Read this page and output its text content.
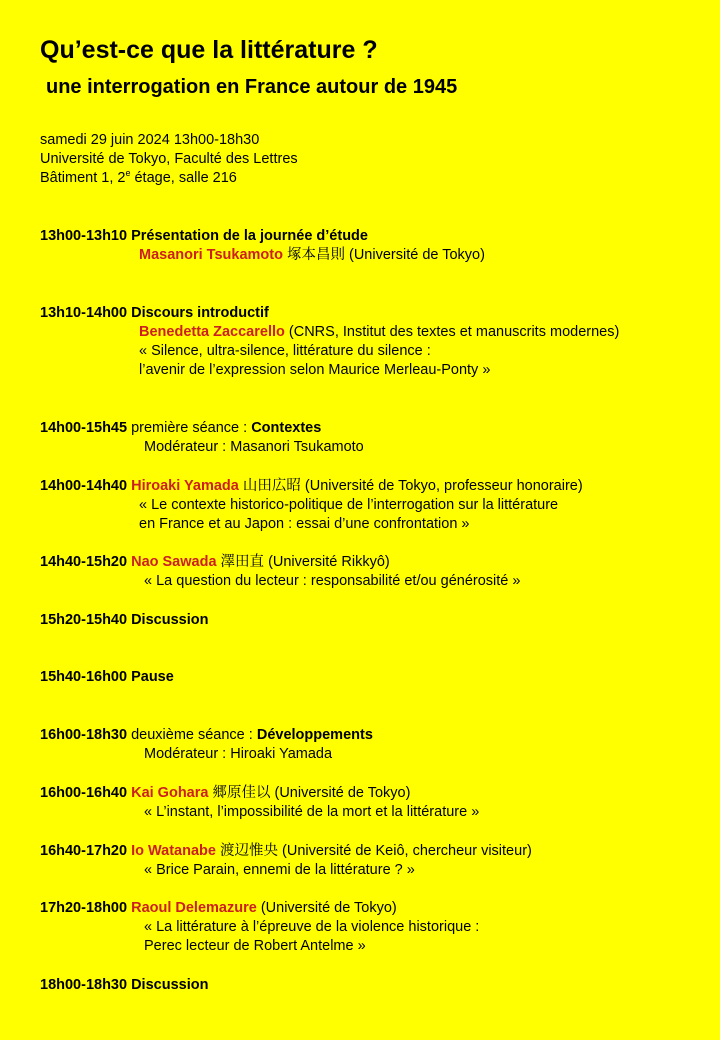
Qu’est-ce que la littérature ?
une interrogation en France autour de 1945
samedi 29 juin 2024 13h00-18h30
Université de Tokyo, Faculté des Lettres
Bâtiment 1, 2e étage, salle 216
13h00-13h10 Présentation de la journée d’étude
Masanori Tsukamoto 塚本昌則 (Université de Tokyo)
13h10-14h00 Discours introductif
Benedetta Zaccarello (CNRS, Institut des textes et manuscrits modernes)
« Silence, ultra-silence, littérature du silence :
l’avenir de l’expression selon Maurice Merleau-Ponty »
14h00-15h45 première séance : Contextes
Modérateur : Masanori Tsukamoto
14h00-14h40 Hiroaki Yamada 山田広昭 (Université de Tokyo, professeur honoraire)
« Le contexte historico-politique de l’interrogation sur la littérature
en France et au Japon : essai d’une confrontation »
14h40-15h20 Nao Sawada 澤田直 (Université Rikkyô)
« La question du lecteur : responsabilité et/ou générosité »
15h20-15h40 Discussion
15h40-16h00 Pause
16h00-18h30 deuxième séance : Développements
Modérateur : Hiroaki Yamada
16h00-16h40 Kai Gohara 郷原佳以 (Université de Tokyo)
« L’instant, l’impossibilité de la mort et la littérature »
16h40-17h20 Io Watanabe 渡辺惟央 (Université de Keiô, chercheur visiteur)
« Brice Parain, ennemi de la littérature ? »
17h20-18h00 Raoul Delemazure (Université de Tokyo)
« La littérature à l’épreuve de la violence historique :
Perec lecteur de Robert Antelme »
18h00-18h30 Discussion
